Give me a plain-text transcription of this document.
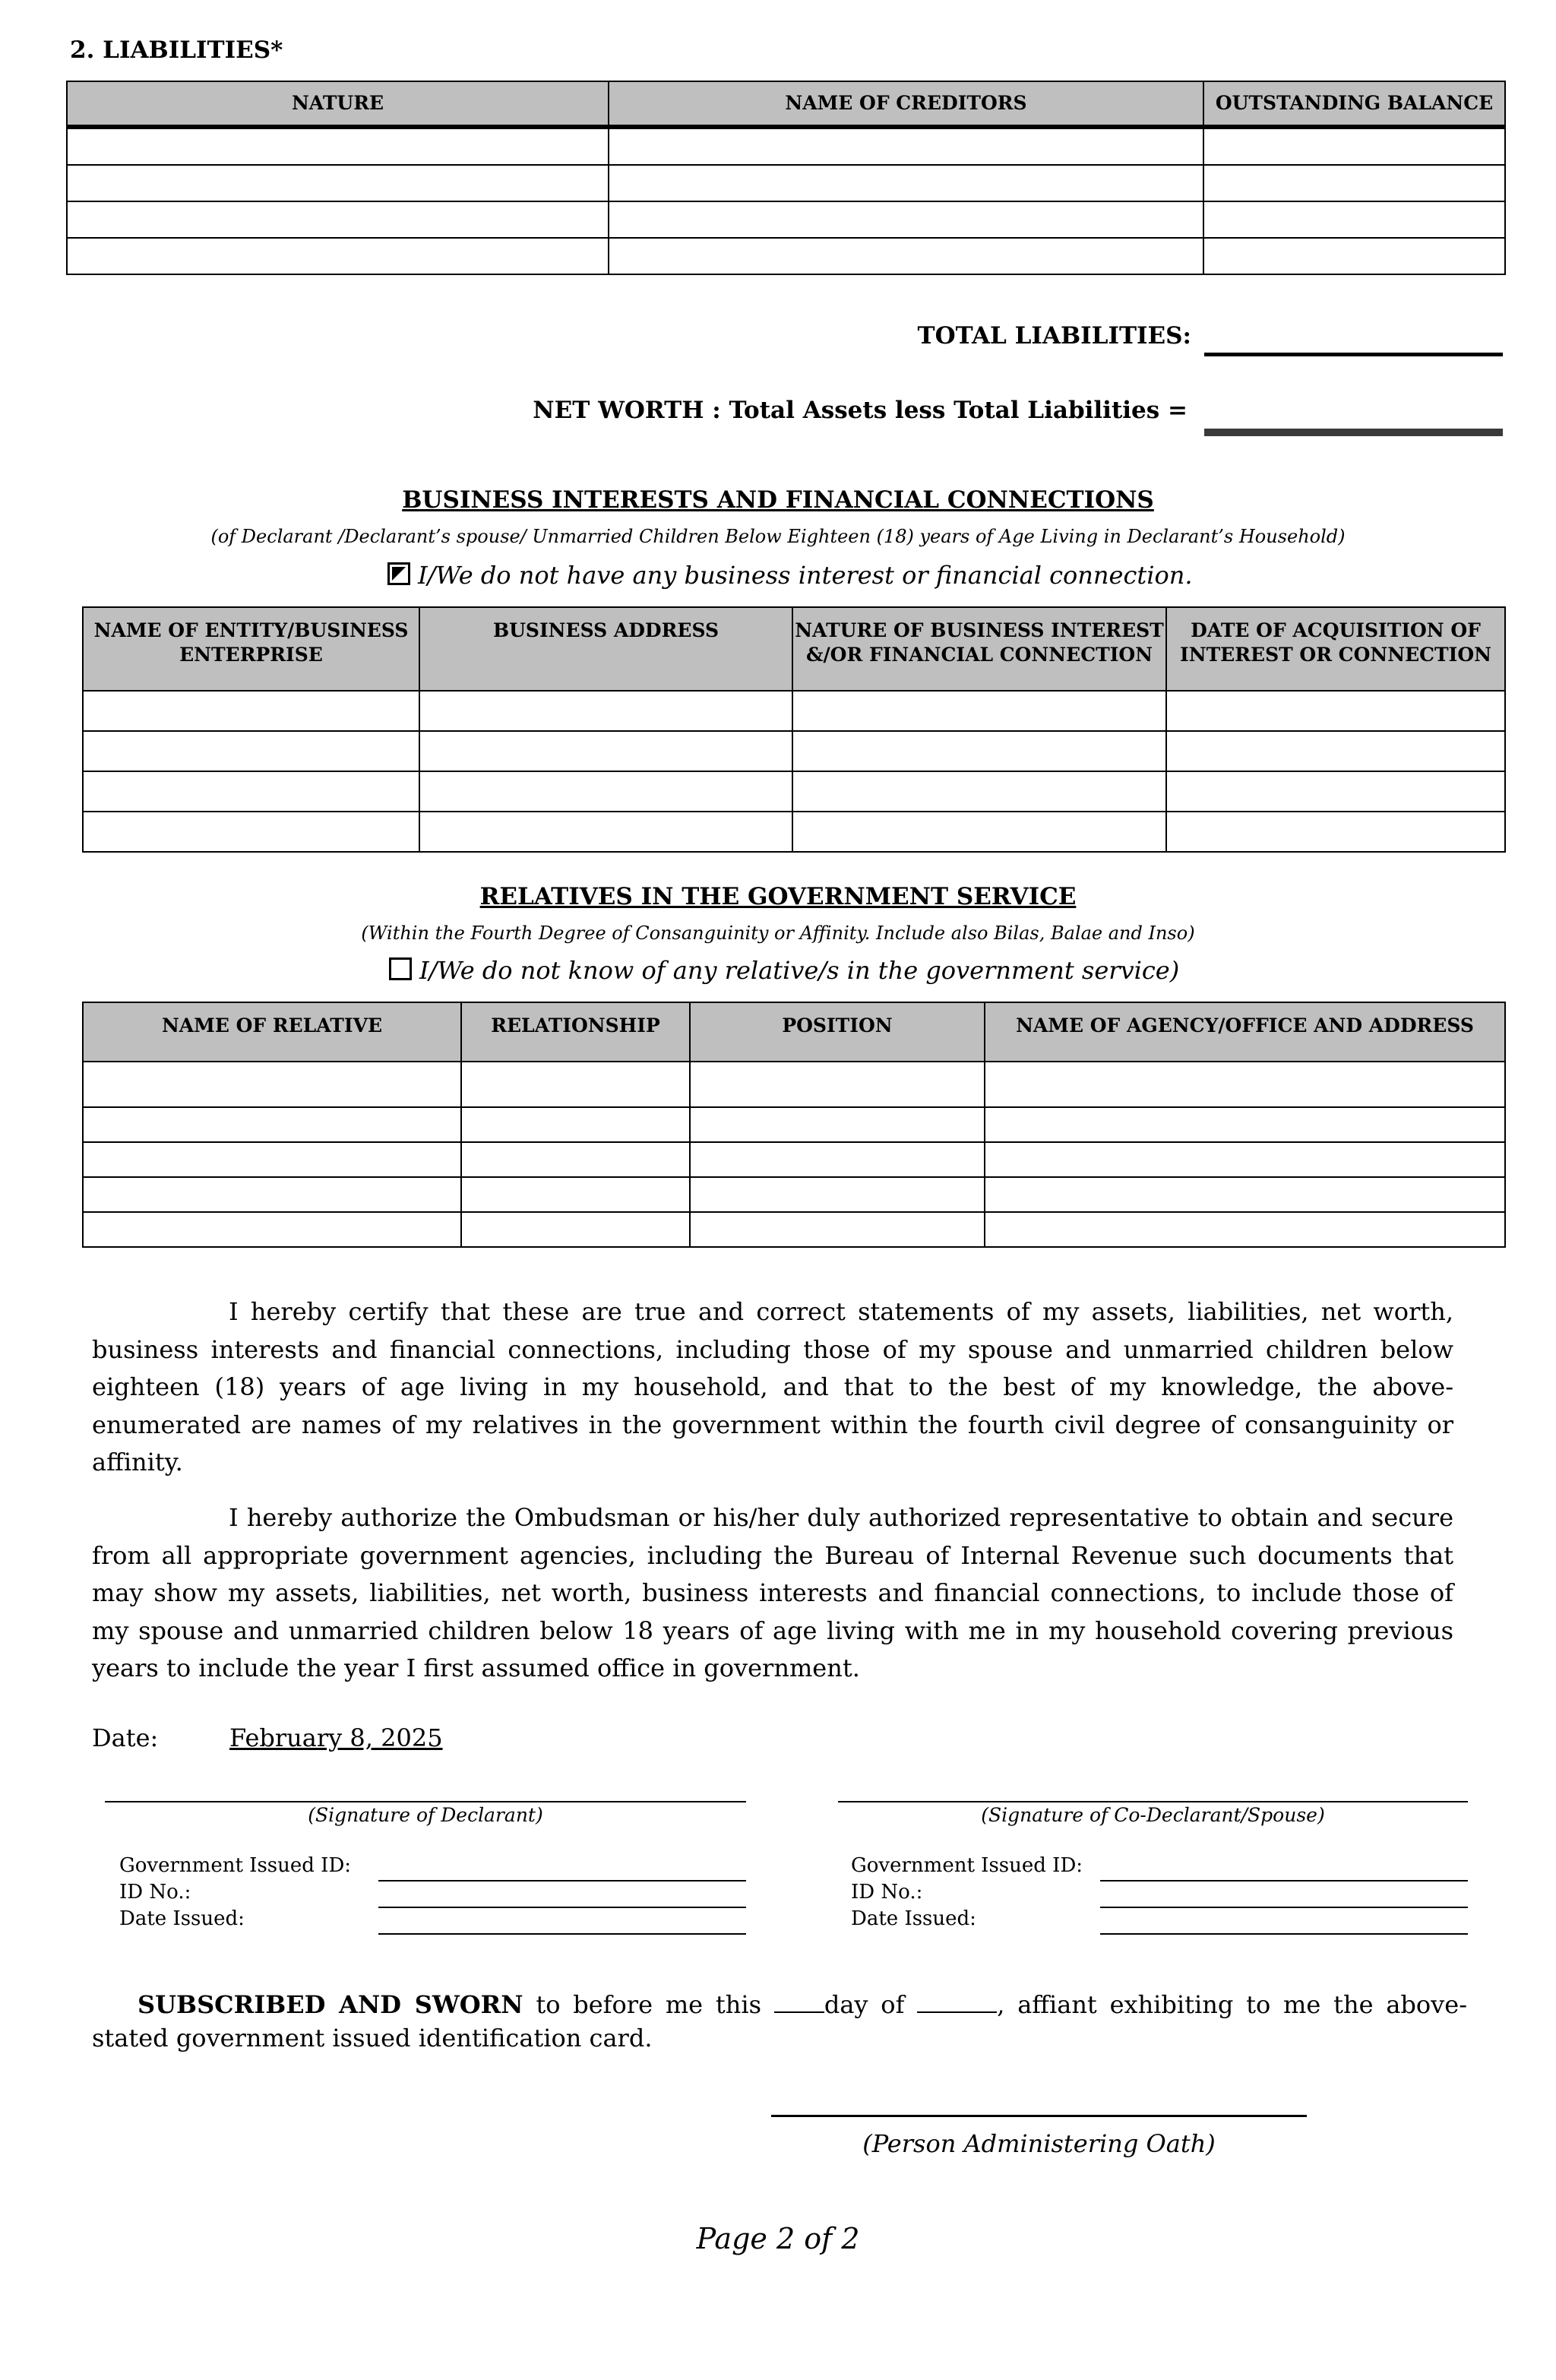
2. LIABILITIES*
NATURE	NAME OF CREDITORS	OUTSTANDING BALANCE

TOTAL LIABILITIES:
NET WORTH : Total Assets less Total Liabilities =
BUSINESS INTERESTS AND FINANCIAL CONNECTIONS
(of Declarant /Declarant’s spouse/ Unmarried Children Below Eighteen (18) years of Age Living in Declarant’s Household)
I/We do not have any business interest or financial connection.
NAME OF ENTITY/BUSINESS ENTERPRISE	BUSINESS ADDRESS	NATURE OF BUSINESS INTEREST &/OR FINANCIAL CONNECTION	DATE OF ACQUISITION OF INTEREST OR CONNECTION

RELATIVES IN THE GOVERNMENT SERVICE
(Within the Fourth Degree of Consanguinity or Affinity. Include also Bilas, Balae and Inso)
I/We do not know of any relative/s in the government service)
NAME OF RELATIVE	RELATIONSHIP	POSITION	NAME OF AGENCY/OFFICE AND ADDRESS

I hereby certify that these are true and correct statements of my assets, liabilities, net worth, business interests and financial connections, including those of my spouse and unmarried children below eighteen (18) years of age living in my household, and that to the best of my knowledge, the above-enumerated are names of my relatives in the government within the fourth civil degree of consanguinity or affinity.
I hereby authorize the Ombudsman or his/her duly authorized representative to obtain and secure from all appropriate government agencies, including the Bureau of Internal Revenue such documents that may show my assets, liabilities, net worth, business interests and financial connections, to include those of my spouse and unmarried children below 18 years of age living with me in my household covering previous years to include the year I first assumed office in government.
Date:	February 8, 2025
(Signature of Declarant)	(Signature of Co-Declarant/Spouse)
Government Issued ID:
ID No.:
Date Issued:
Government Issued ID:
ID No.:
Date Issued:
SUBSCRIBED AND SWORN to before me this day of	, affiant exhibiting to me the above-stated government issued identification card.
(Person Administering Oath)
Page 2 of 2
